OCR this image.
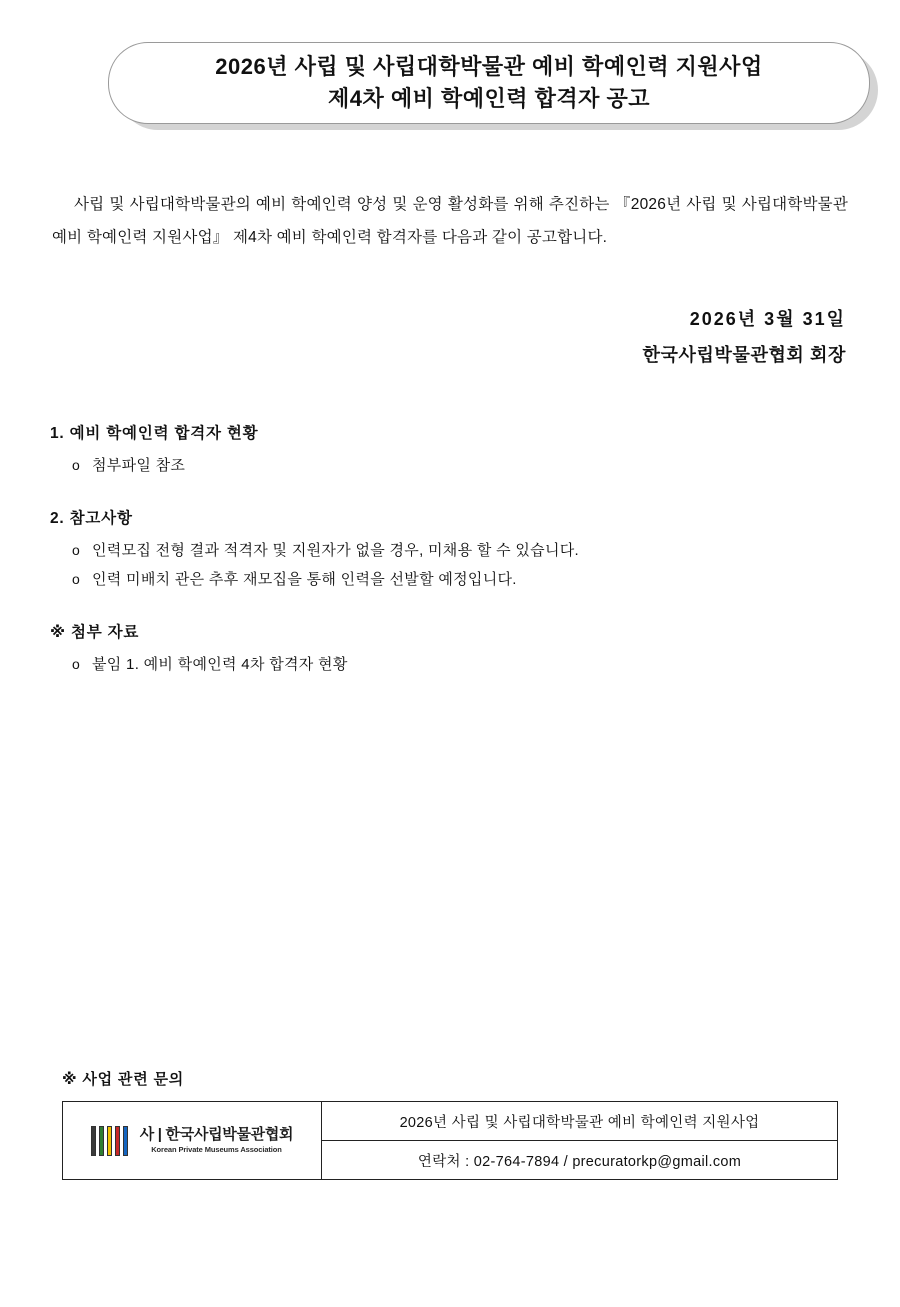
2026년 사립 및 사립대학박물관 예비 학예인력 지원사업
제4차 예비 학예인력 합격자 공고

사립 및 사립대학박물관의 예비 학예인력 양성 및 운영 활성화를 위해 추진하는 『2026년 사립 및 사립대학박물관 예비 학예인력 지원사업』 제4차 예비 학예인력 합격자를 다음과 같이 공고합니다.

2026년 3월 31일
한국사립박물관협회 회장
1. 예비 학예인력 합격자 현황
o 첨부파일 참조
2. 참고사항
o 인력모집 전형 결과 적격자 및 지원자가 없을 경우, 미채용 할 수 있습니다.
o 인력 미배치 관은 추후 재모집을 통해 인력을 선발할 예정입니다.
※ 첨부 자료
o 붙임 1. 예비 학예인력 4차 합격자 현황
※ 사업 관련 문의
사 | 한국사립박물관협회
Korean Private Museums Association
	2026년 사립 및 사립대학박물관 예비 학예인력 지원사업
연락처 : 02-764-7894 / precuratorkp@gmail.com
